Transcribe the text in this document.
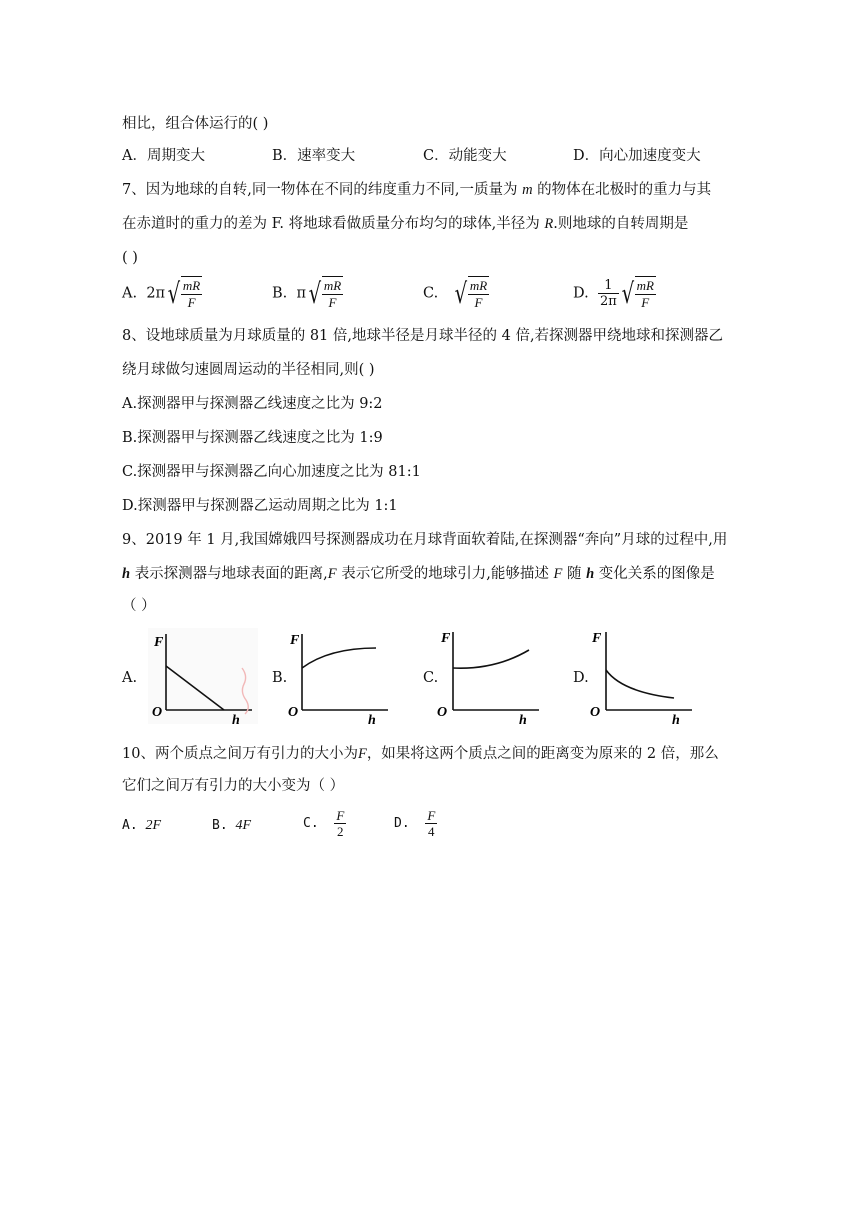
相比，组合体运行的( )
A．周期变大	B．速率变大	C．动能变大	D．向心加速度变大
7、因为地球的自转,同一物体在不同的纬度重力不同,一质量为 m 的物体在北极时的重力与其
在赤道时的重力的差为 F. 将地球看做质量分布均匀的球体,半径为 R.则地球的自转周期是
( )
A. 2π √ $\frac{mR}{F}$	B. π √ $\frac{mR}{F}$	C. √ $\frac{mR}{F}$	D. $\frac{1}{2\pi}$ √ $\frac{mR}{F}$
8、设地球质量为月球质量的 81 倍,地球半径是月球半径的 4 倍,若探测器甲绕地球和探测器乙
绕月球做匀速圆周运动的半径相同,则( )
A.探测器甲与探测器乙线速度之比为 9:2
B.探测器甲与探测器乙线速度之比为 1:9
C.探测器甲与探测器乙向心加速度之比为 81:1
D.探测器甲与探测器乙运动周期之比为 1:1
9、2019 年 1 月,我国嫦娥四号探测器成功在月球背面软着陆,在探测器“奔向”月球的过程中,用
h 表示探测器与地球表面的距离,F 表示它所受的地球引力,能够描述 F 随 h 变化关系的图像是
（ ）
A.
F
O
h
B.
F
O
h
C.
F
O
h
D.
F
O
h
10、两个质点之间万有引力的大小为F，如果将这两个质点之间的距离变为原来的 2 倍，那么
它们之间万有引力的大小变为（ ）
A. 2F	B. 4F	C. $\frac{F}{2}$	D. $\frac{F}{4}$
